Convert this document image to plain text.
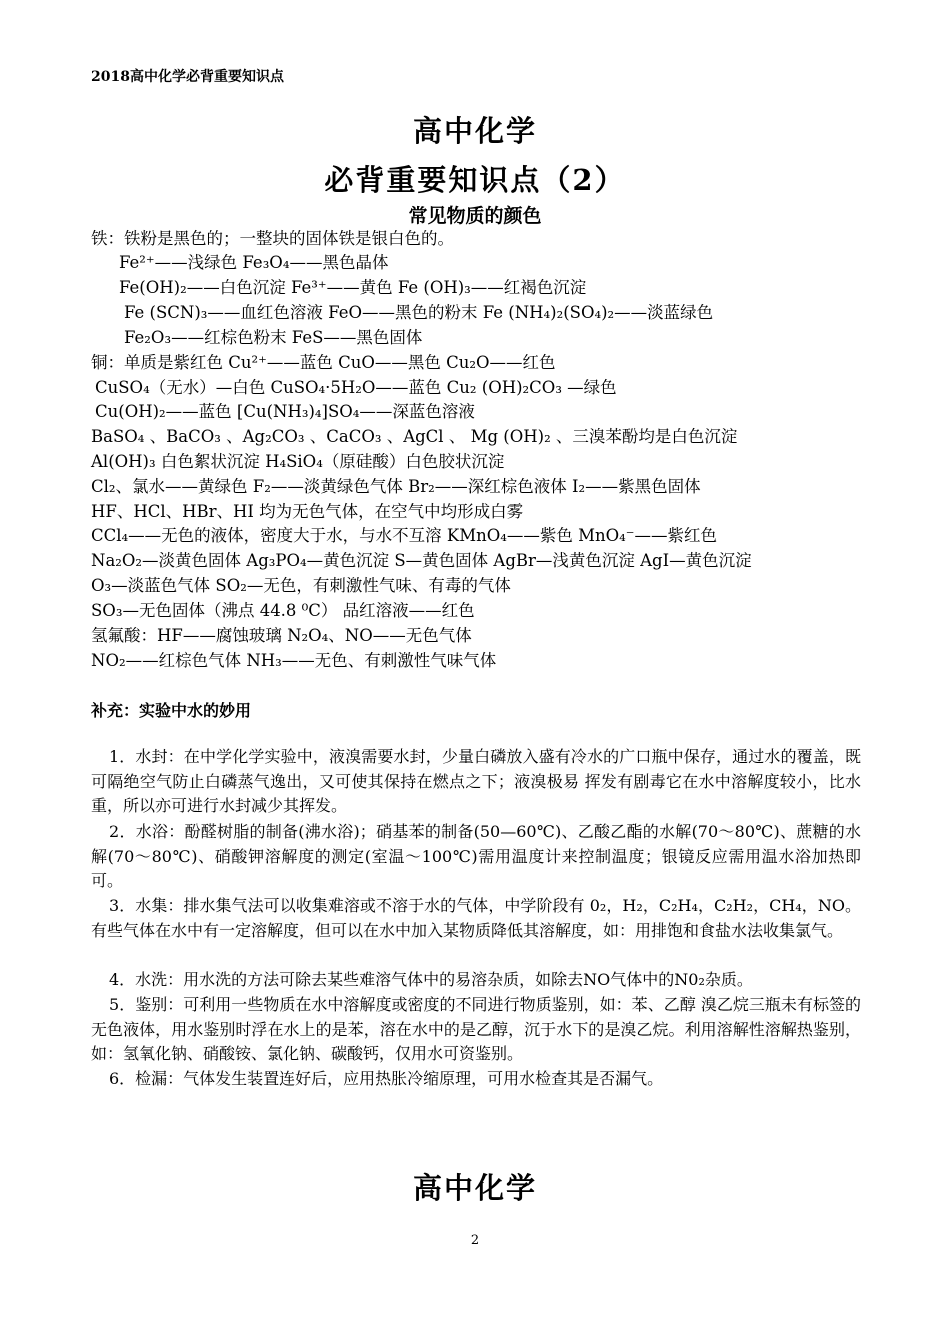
2018高中化学必背重要知识点
高中化学
必背重要知识点（2）
常见物质的颜色
铁：铁粉是黑色的；一整块的固体铁是银白色的。
Fe²⁺——浅绿色 Fe₃O₄——黑色晶体
Fe(OH)₂——白色沉淀 Fe³⁺——黄色 Fe (OH)₃——红褐色沉淀
Fe (SCN)₃——血红色溶液 FeO——黑色的粉末 Fe (NH₄)₂(SO₄)₂——淡蓝绿色
Fe₂O₃——红棕色粉末 FeS——黑色固体
铜：单质是紫红色 Cu²⁺——蓝色 CuO——黑色 Cu₂O——红色
CuSO₄（无水）—白色 CuSO₄·5H₂O——蓝色 Cu₂ (OH)₂CO₃ —绿色
Cu(OH)₂——蓝色 [Cu(NH₃)₄]SO₄——深蓝色溶液
BaSO₄ 、BaCO₃ 、Ag₂CO₃ 、CaCO₃ 、AgCl 、 Mg (OH)₂ 、三溴苯酚均是白色沉淀
Al(OH)₃ 白色絮状沉淀 H₄SiO₄（原硅酸）白色胶状沉淀
Cl₂、氯水——黄绿色 F₂——淡黄绿色气体 Br₂——深红棕色液体 I₂——紫黑色固体
HF、HCl、HBr、HI 均为无色气体，在空气中均形成白雾
CCl₄——无色的液体，密度大于水，与水不互溶 KMnO₄——紫色 MnO₄⁻——紫红色
Na₂O₂—淡黄色固体 Ag₃PO₄—黄色沉淀 S—黄色固体 AgBr—浅黄色沉淀 AgI—黄色沉淀
O₃—淡蓝色气体 SO₂—无色，有刺激性气味、有毒的气体
SO₃—无色固体（沸点 44.8 ⁰C） 品红溶液——红色
氢氟酸：HF——腐蚀玻璃 N₂O₄、NO——无色气体
NO₂——红棕色气体 NH₃——无色、有刺激性气味气体
补充：实验中水的妙用
1．水封：在中学化学实验中，液溴需要水封，少量白磷放入盛有冷水的广口瓶中保存，通过水的覆盖，既可隔绝空气防止白磷蒸气逸出，又可使其保持在燃点之下；液溴极易 挥发有剧毒它在水中溶解度较小，比水重，所以亦可进行水封减少其挥发。
2．水浴：酚醛树脂的制备(沸水浴)；硝基苯的制备(50—60℃)、乙酸乙酯的水解(70～80℃)、蔗糖的水解(70～80℃)、硝酸钾溶解度的测定(室温～100℃)需用温度计来控制温度；银镜反应需用温水浴加热即可。
3．水集：排水集气法可以收集难溶或不溶于水的气体，中学阶段有 0₂，H₂，C₂H₄，C₂H₂，CH₄，NO。有些气体在水中有一定溶解度，但可以在水中加入某物质降低其溶解度，如：用排饱和食盐水法收集氯气。
4．水洗：用水洗的方法可除去某些难溶气体中的易溶杂质，如除去NO气体中的N0₂杂质。
5．鉴别：可利用一些物质在水中溶解度或密度的不同进行物质鉴别，如：苯、乙醇 溴乙烷三瓶未有标签的无色液体，用水鉴别时浮在水上的是苯，溶在水中的是乙醇，沉于水下的是溴乙烷。利用溶解性溶解热鉴别，如：氢氧化钠、硝酸铵、氯化钠、碳酸钙，仅用水可资鉴别。
6．检漏：气体发生装置连好后，应用热胀冷缩原理，可用水检查其是否漏气。
高中化学
2
